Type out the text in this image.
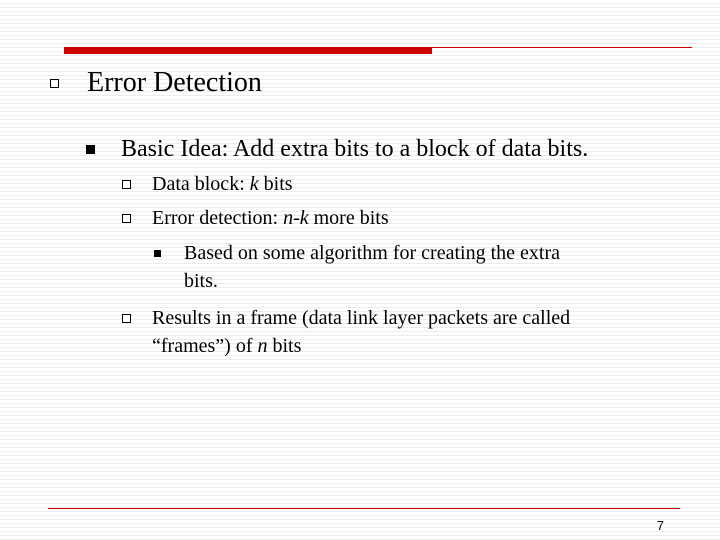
Error Detection
Basic Idea: Add extra bits to a block of data bits.
Data block: k bits
Error detection: n-k more bits
Based on some algorithm for creating the extra
bits.
Results in a frame (data link layer packets are called
“frames”) of n bits
7
